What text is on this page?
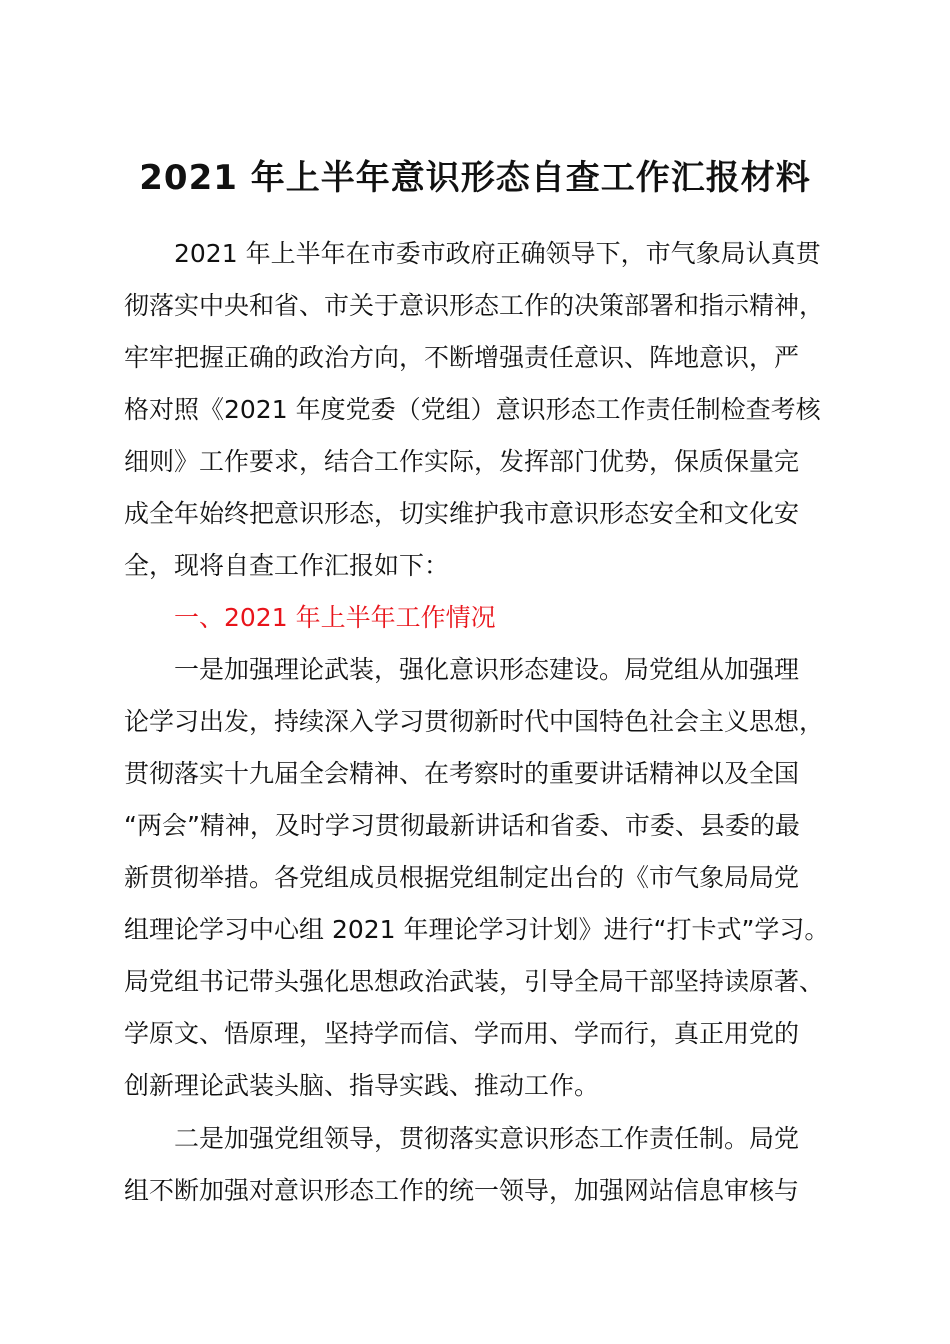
2021 年上半年意识形态自查工作汇报材料
2021 年上半年在市委市政府正确领导下，市气象局认真贯
彻落实中央和省、市关于意识形态工作的决策部署和指示精神，
牢牢把握正确的政治方向，不断增强责任意识、阵地意识，严
格对照《2021 年度党委（党组）意识形态工作责任制检查考核
细则》工作要求，结合工作实际，发挥部门优势，保质保量完
成全年始终把意识形态，切实维护我市意识形态安全和文化安
全，现将自查工作汇报如下：
一、2021 年上半年工作情况
一是加强理论武装，强化意识形态建设。局党组从加强理
论学习出发，持续深入学习贯彻新时代中国特色社会主义思想，
贯彻落实十九届全会精神、在考察时的重要讲话精神以及全国
“两会”精神，及时学习贯彻最新讲话和省委、市委、县委的最
新贯彻举措。各党组成员根据党组制定出台的《市气象局局党
组理论学习中心组 2021 年理论学习计划》进行“打卡式”学习。
局党组书记带头强化思想政治武装，引导全局干部坚持读原著、
学原文、悟原理，坚持学而信、学而用、学而行，真正用党的
创新理论武装头脑、指导实践、推动工作。
二是加强党组领导，贯彻落实意识形态工作责任制。局党
组不断加强对意识形态工作的统一领导，加强网站信息审核与
